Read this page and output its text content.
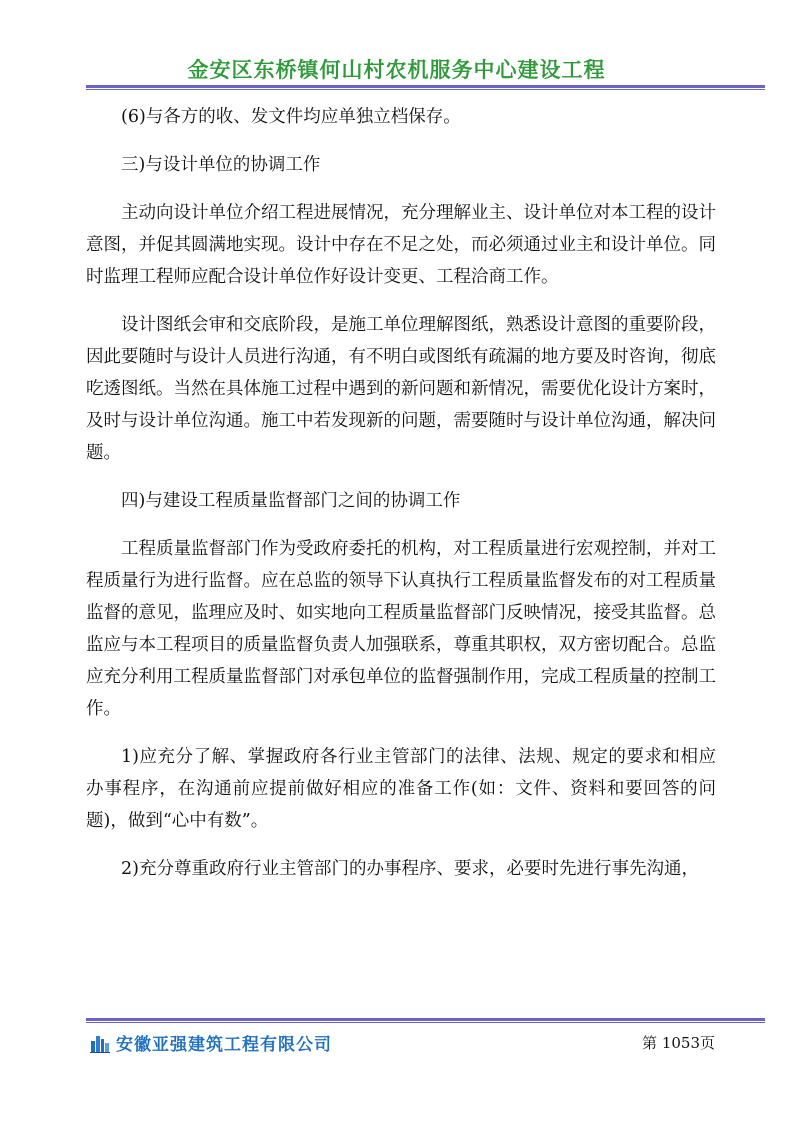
金安区东桥镇何山村农机服务中心建设工程

(6)与各方的收、发文件均应单独立档保存。

三)与设计单位的协调工作

主动向设计单位介绍工程进展情况，充分理解业主、设计单位对本工程的设计意图，并促其圆满地实现。设计中存在不足之处，而必须通过业主和设计单位。同时监理工程师应配合设计单位作好设计变更、工程洽商工作。

设计图纸会审和交底阶段，是施工单位理解图纸，熟悉设计意图的重要阶段，因此要随时与设计人员进行沟通，有不明白或图纸有疏漏的地方要及时咨询，彻底吃透图纸。当然在具体施工过程中遇到的新问题和新情况，需要优化设计方案时，及时与设计单位沟通。施工中若发现新的问题，需要随时与设计单位沟通，解决问题。

四)与建设工程质量监督部门之间的协调工作

工程质量监督部门作为受政府委托的机构，对工程质量进行宏观控制，并对工程质量行为进行监督。应在总监的领导下认真执行工程质量监督发布的对工程质量监督的意见，监理应及时、如实地向工程质量监督部门反映情况，接受其监督。总监应与本工程项目的质量监督负责人加强联系，尊重其职权，双方密切配合。总监应充分利用工程质量监督部门对承包单位的监督强制作用，完成工程质量的控制工作。

1)应充分了解、掌握政府各行业主管部门的法律、法规、规定的要求和相应办事程序，在沟通前应提前做好相应的准备工作(如：文件、资料和要回答的问题)，做到“心中有数”。

2)充分尊重政府行业主管部门的办事程序、要求，必要时先进行事先沟通，

安徽亚强建筑工程有限公司	第 1053页
